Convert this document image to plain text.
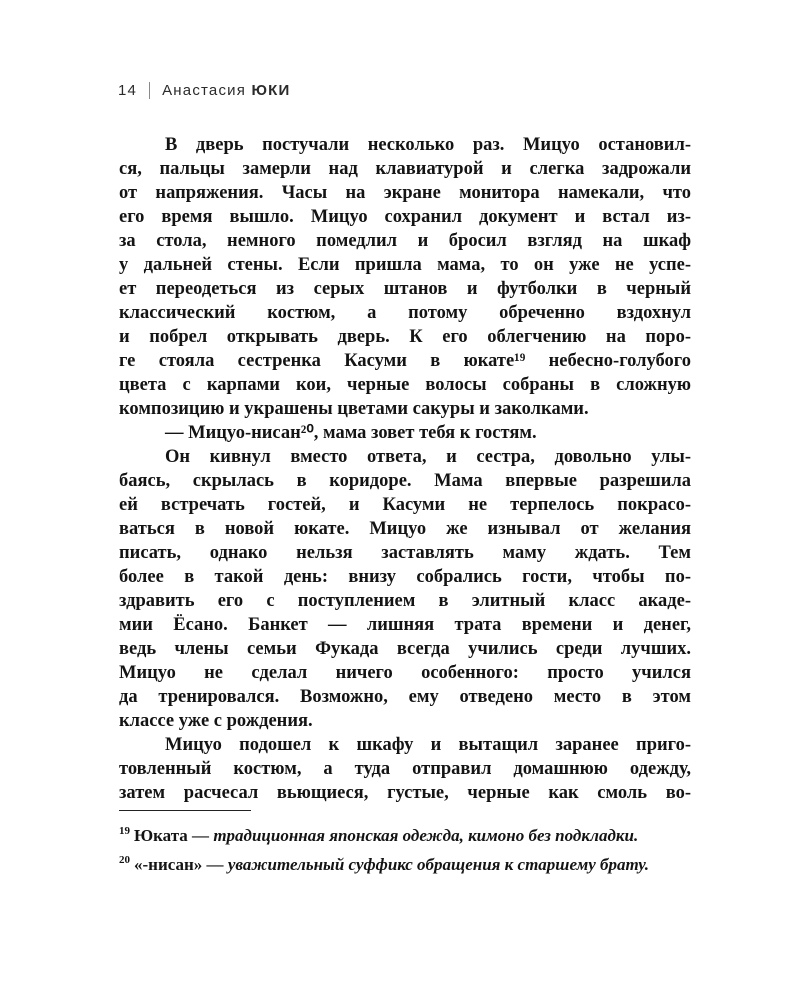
14 Анастасия ЮКИ
В дверь постучали несколько раз. Мицуо остановил-
ся, пальцы замерли над клавиатурой и слегка задрожали
от напряжения. Часы на экране монитора намекали, что
его время вышло. Мицуо сохранил документ и встал из-
за стола, немного помедлил и бросил взгляд на шкаф
у дальней стены. Если пришла мама, то он уже не успе-
ет переодеться из серых штанов и футболки в черный
классический костюм, а потому обреченно вздохнул
и побрел открывать дверь. К его облегчению на поро-
ге стояла сестренка Касуми в юкате¹⁹ небесно-голубого
цвета с карпами кои, черные волосы собраны в сложную
композицию и украшены цветами сакуры и заколками.
— Мицуо-нисан²⁰, мама зовет тебя к гостям.
Он кивнул вместо ответа, и сестра, довольно улы-
баясь, скрылась в коридоре. Мама впервые разрешила
ей встречать гостей, и Касуми не терпелось покрасо-
ваться в новой юкате. Мицуо же изнывал от желания
писать, однако нельзя заставлять маму ждать. Тем
более в такой день: внизу собрались гости, чтобы по-
здравить его с поступлением в элитный класс акаде-
мии Ёсано. Банкет — лишняя трата времени и денег,
ведь члены семьи Фукада всегда учились среди лучших.
Мицуо не сделал ничего особенного: просто учился
да тренировался. Возможно, ему отведено место в этом
классе уже с рождения.
Мицуо подошел к шкафу и вытащил заранее приго-
товленный костюм, а туда отправил домашнюю одежду,
затем расчесал вьющиеся, густые, черные как смоль во-
$^{19}$ Юката — традиционная японская одежда, кимоно без подкладки.
$^{20}$ «-нисан» — уважительный суффикс обращения к старшему брату.
